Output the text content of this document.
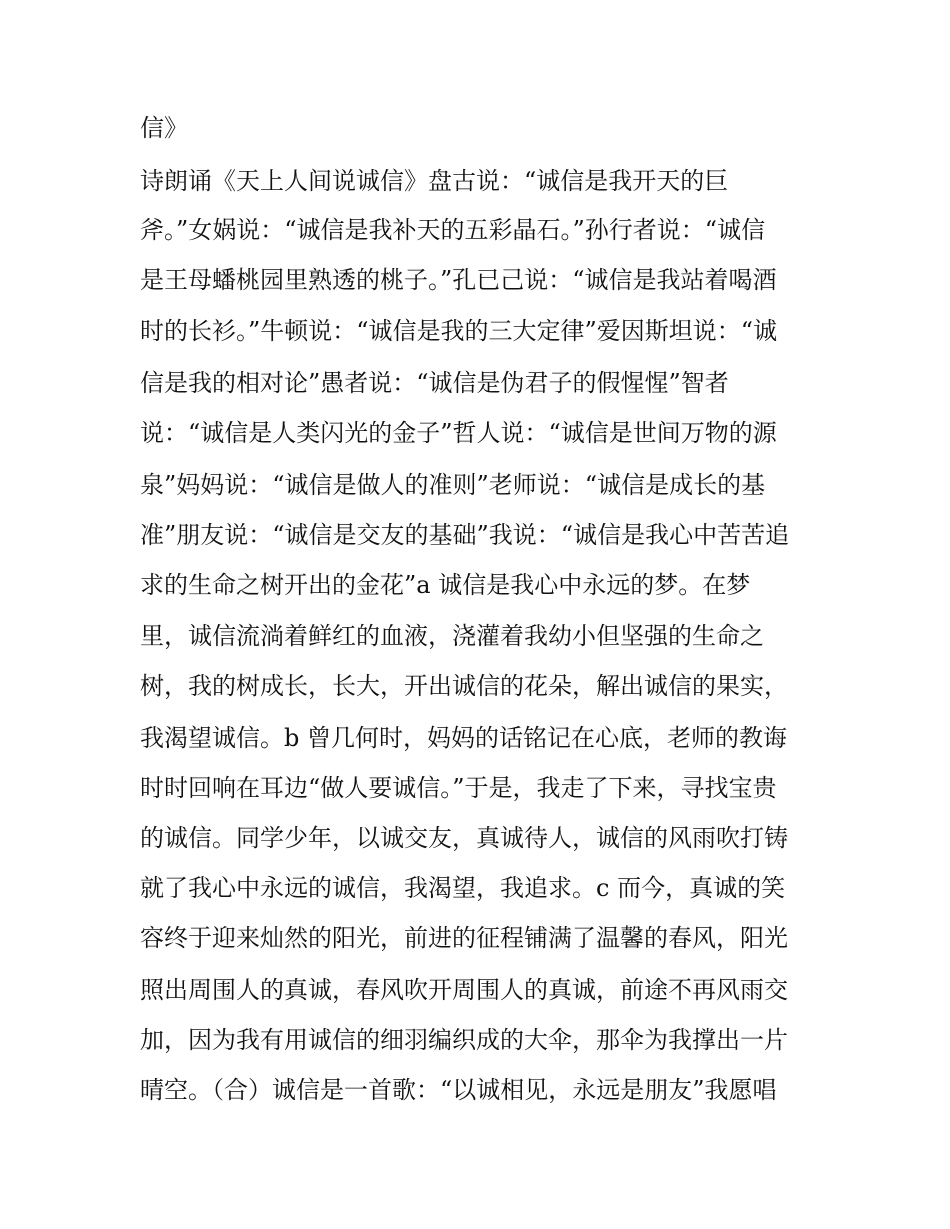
信》
诗朗诵《天上人间说诚信》盘古说：“诚信是我开天的巨
斧。”女娲说：“诚信是我补天的五彩晶石。”孙行者说：“诚信
是王母蟠桃园里熟透的桃子。”孔已己说：“诚信是我站着喝酒
时的长衫。”牛顿说：“诚信是我的三大定律”爱因斯坦说：“诚
信是我的相对论”愚者说：“诚信是伪君子的假惺惺”智者
说：“诚信是人类闪光的金子”哲人说：“诚信是世间万物的源
泉”妈妈说：“诚信是做人的准则”老师说：“诚信是成长的基
准”朋友说：“诚信是交友的基础”我说：“诚信是我心中苦苦追
求的生命之树开出的金花”a 诚信是我心中永远的梦。在梦
里，诚信流淌着鲜红的血液，浇灌着我幼小但坚强的生命之
树，我的树成长，长大，开出诚信的花朵，解出诚信的果实，
我渴望诚信。b 曾几何时，妈妈的话铭记在心底，老师的教诲
时时回响在耳边“做人要诚信。”于是，我走了下来，寻找宝贵
的诚信。同学少年，以诚交友，真诚待人，诚信的风雨吹打铸
就了我心中永远的诚信，我渴望，我追求。c 而今，真诚的笑
容终于迎来灿然的阳光，前进的征程铺满了温馨的春风，阳光
照出周围人的真诚，春风吹开周围人的真诚，前途不再风雨交
加，因为我有用诚信的细羽编织成的大伞，那伞为我撑出一片
晴空。（合）诚信是一首歌：“以诚相见，永远是朋友”我愿唱
